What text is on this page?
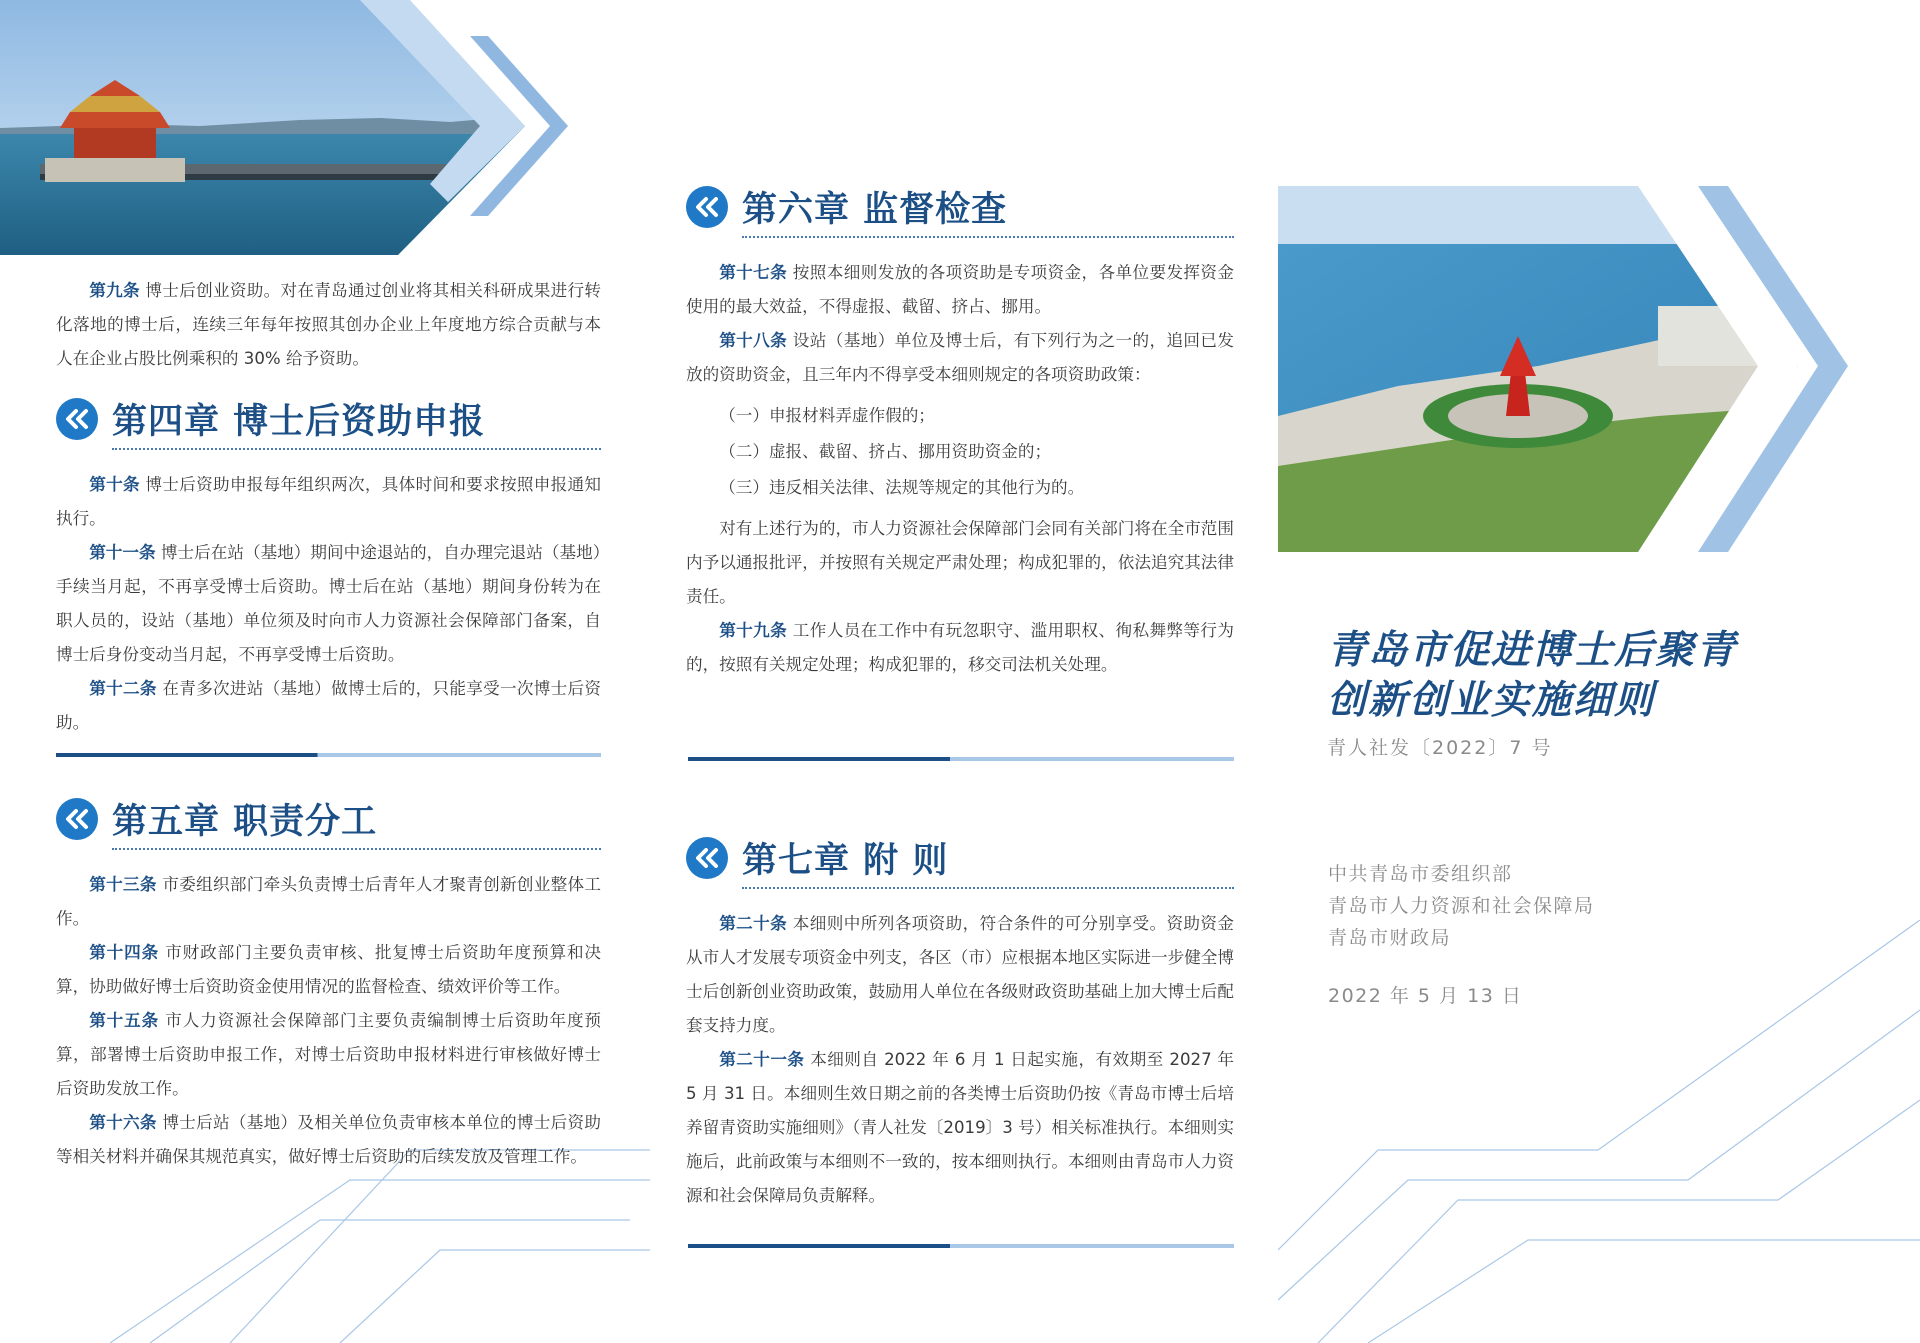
第九条 博士后创业资助。对在青岛通过创业将其相关科研成果进行转化落地的博士后，连续三年每年按照其创办企业上年度地方综合贡献与本人在企业占股比例乘积的 30% 给予资助。

第四章 博士后资助申报

第十条 博士后资助申报每年组织两次，具体时间和要求按照申报通知执行。

第十一条 博士后在站（基地）期间中途退站的，自办理完退站（基地）手续当月起，不再享受博士后资助。博士后在站（基地）期间身份转为在职人员的，设站（基地）单位须及时向市人力资源社会保障部门备案，自博士后身份变动当月起，不再享受博士后资助。

第十二条 在青多次进站（基地）做博士后的，只能享受一次博士后资助。

第五章 职责分工

第十三条 市委组织部门牵头负责博士后青年人才聚青创新创业整体工作。

第十四条 市财政部门主要负责审核、批复博士后资助年度预算和决算，协助做好博士后资助资金使用情况的监督检查、绩效评价等工作。

第十五条 市人力资源社会保障部门主要负责编制博士后资助年度预算，部署博士后资助申报工作，对博士后资助申报材料进行审核做好博士后资助发放工作。

第十六条 博士后站（基地）及相关单位负责审核本单位的博士后资助等相关材料并确保其规范真实，做好博士后资助的后续发放及管理工作。

第六章 监督检查

第十七条 按照本细则发放的各项资助是专项资金，各单位要发挥资金使用的最大效益，不得虚报、截留、挤占、挪用。

第十八条 设站（基地）单位及博士后，有下列行为之一的，追回已发放的资助资金，且三年内不得享受本细则规定的各项资助政策：

（一）申报材料弄虚作假的；

（二）虚报、截留、挤占、挪用资助资金的；

（三）违反相关法律、法规等规定的其他行为的。

对有上述行为的，市人力资源社会保障部门会同有关部门将在全市范围内予以通报批评，并按照有关规定严肃处理；构成犯罪的，依法追究其法律责任。

第十九条 工作人员在工作中有玩忽职守、滥用职权、徇私舞弊等行为的，按照有关规定处理；构成犯罪的，移交司法机关处理。

第七章 附 则

第二十条 本细则中所列各项资助，符合条件的可分别享受。资助资金从市人才发展专项资金中列支，各区（市）应根据本地区实际进一步健全博士后创新创业资助政策，鼓励用人单位在各级财政资助基础上加大博士后配套支持力度。

第二十一条 本细则自 2022 年 6 月 1 日起实施，有效期至 2027 年 5 月 31 日。本细则生效日期之前的各类博士后资助仍按《青岛市博士后培养留青资助实施细则》（青人社发〔2019〕3 号）相关标准执行。本细则实施后，此前政策与本细则不一致的，按本细则执行。本细则由青岛市人力资源和社会保障局负责解释。

青岛市促进博士后聚青
创新创业实施细则
青人社发〔2022〕7 号
中共青岛市委组织部
青岛市人力资源和社会保障局
青岛市财政局
2022 年 5 月 13 日
